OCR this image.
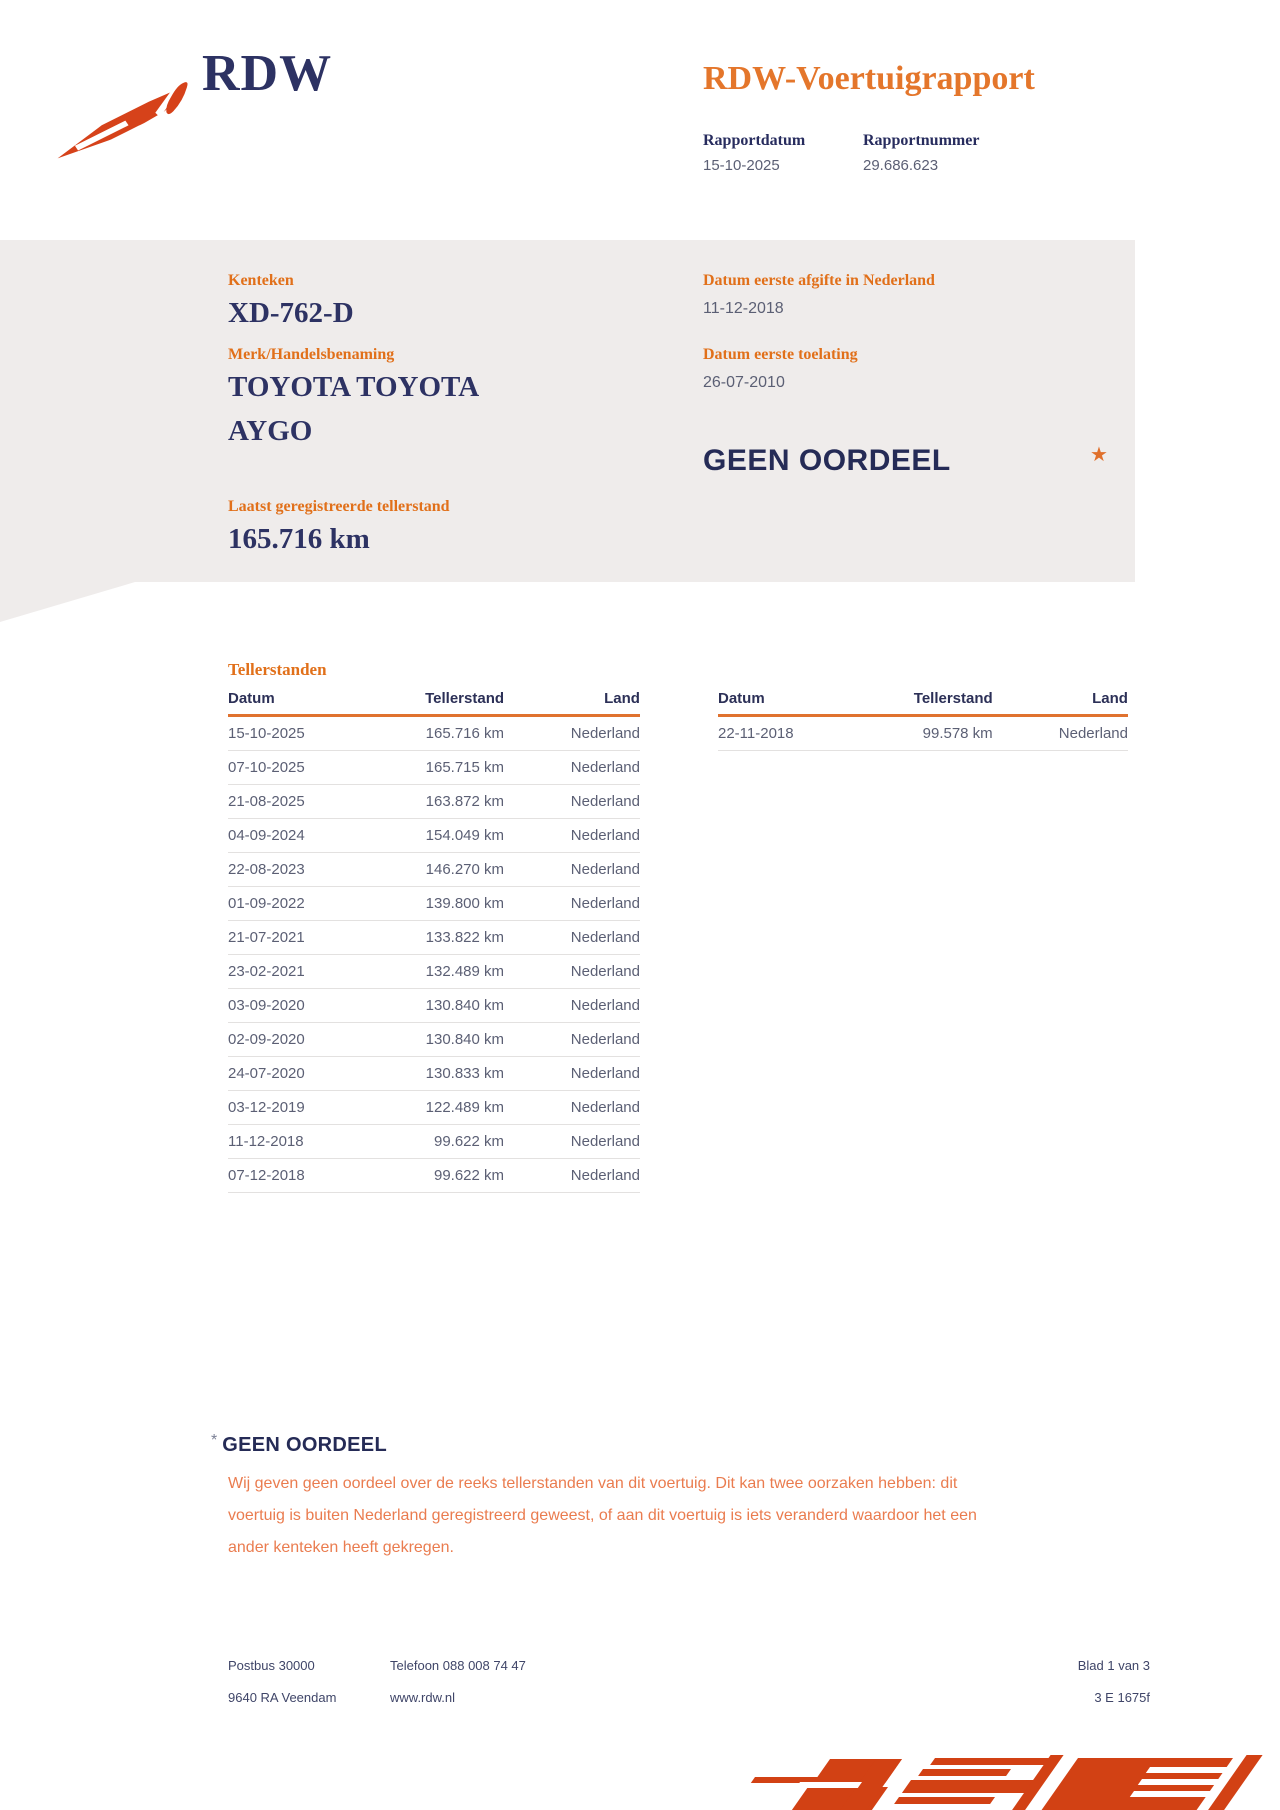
RDW	RDW-Voertuigrapport
Rapportdatum
15-10-2025
Rapportnummer
29.686.623
Kenteken
XD-762-D
Merk/Handelsbenaming
TOYOTA TOYOTA
AYGO
Laatst geregistreerde tellerstand
165.716 km
Datum eerste afgifte in Nederland
11-12-2018
Datum eerste toelating
26-07-2010
GEEN OORDEEL	★
Tellerstanden
Datum	Tellerstand	Land
15-10-2025	165.716 km	Nederland
07-10-2025	165.715 km	Nederland
21-08-2025	163.872 km	Nederland
04-09-2024	154.049 km	Nederland
22-08-2023	146.270 km	Nederland
01-09-2022	139.800 km	Nederland
21-07-2021	133.822 km	Nederland
23-02-2021	132.489 km	Nederland
03-09-2020	130.840 km	Nederland
02-09-2020	130.840 km	Nederland
24-07-2020	130.833 km	Nederland
03-12-2019	122.489 km	Nederland
11-12-2018	99.622 km	Nederland
07-12-2018	99.622 km	Nederland
Datum	Tellerstand	Land
22-11-2018	99.578 km	Nederland
* GEEN OORDEEL

Wij geven geen oordeel over de reeks tellerstanden van dit voertuig. Dit kan twee oorzaken hebben: dit voertuig is buiten Nederland geregistreerd geweest, of aan dit voertuig is iets veranderd waardoor het een ander kenteken heeft gekregen.

Postbus 30000
9640 RA Veendam
Telefoon 088 008 74 47
www.rdw.nl
Blad 1 van 3
3 E 1675f
